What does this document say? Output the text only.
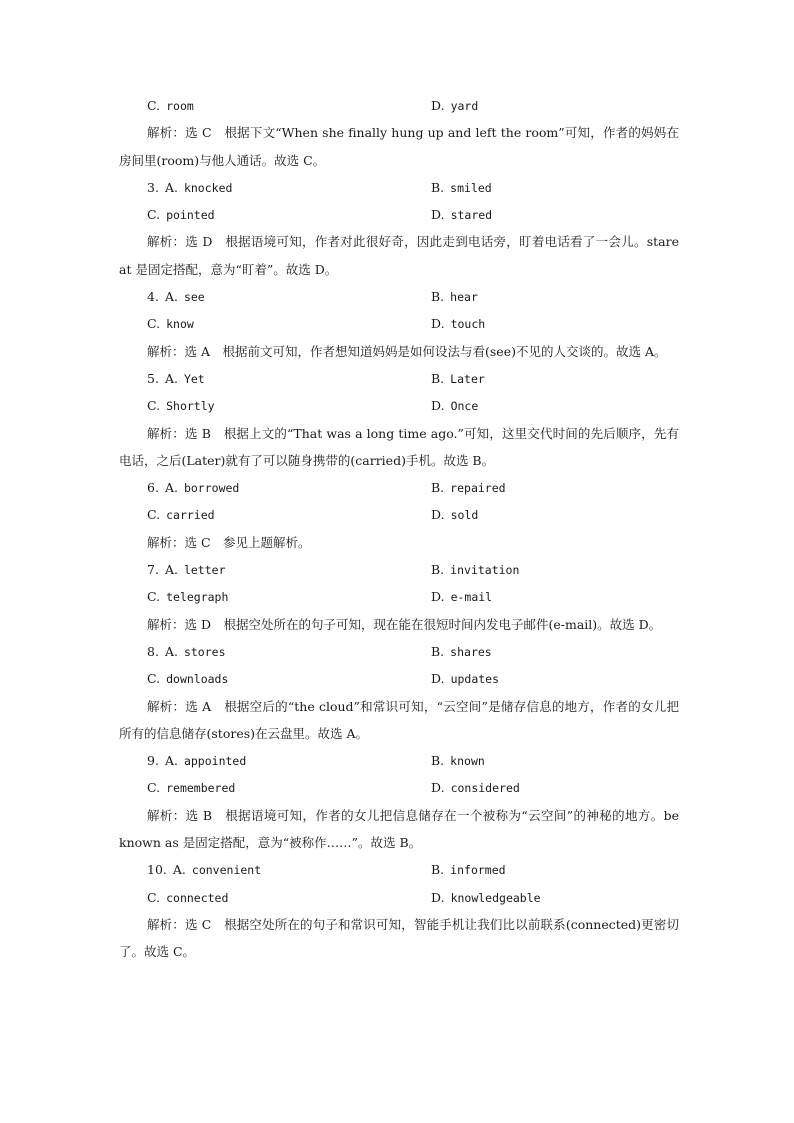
C. room	D. yard
解析：选 C　根据下文“When she finally hung up and left the room”可知，作者的妈妈在房间里(room)与他人通话。故选 C。
3. A. knocked	B. smiled
C. pointed	D. stared
解析：选 D　根据语境可知，作者对此很好奇，因此走到电话旁，盯着电话看了一会儿。stare at 是固定搭配，意为“盯着”。故选 D。
4. A. see	B. hear
C. know	D. touch
解析：选 A　根据前文可知，作者想知道妈妈是如何设法与看(see)不见的人交谈的。故选 A。
5. A. Yet	B. Later
C. Shortly	D. Once
解析：选 B　根据上文的“That was a long time ago.”可知，这里交代时间的先后顺序，先有电话，之后(Later)就有了可以随身携带的(carried)手机。故选 B。
6. A. borrowed	B. repaired
C. carried	D. sold
解析：选 C　参见上题解析。
7. A. letter	B. invitation
C. telegraph	D. e-mail
解析：选 D　根据空处所在的句子可知，现在能在很短时间内发电子邮件(e-mail)。故选 D。
8. A. stores	B. shares
C. downloads	D. updates
解析：选 A　根据空后的“the cloud”和常识可知，“云空间”是储存信息的地方，作者的女儿把所有的信息储存(stores)在云盘里。故选 A。
9. A. appointed	B. known
C. remembered	D. considered
解析：选 B　根据语境可知，作者的女儿把信息储存在一个被称为“云空间”的神秘的地方。be known as 是固定搭配，意为“被称作……”。故选 B。
10. A. convenient	B. informed
C. connected	D. knowledgeable
解析：选 C　根据空处所在的句子和常识可知，智能手机让我们比以前联系(connected)更密切了。故选 C。
